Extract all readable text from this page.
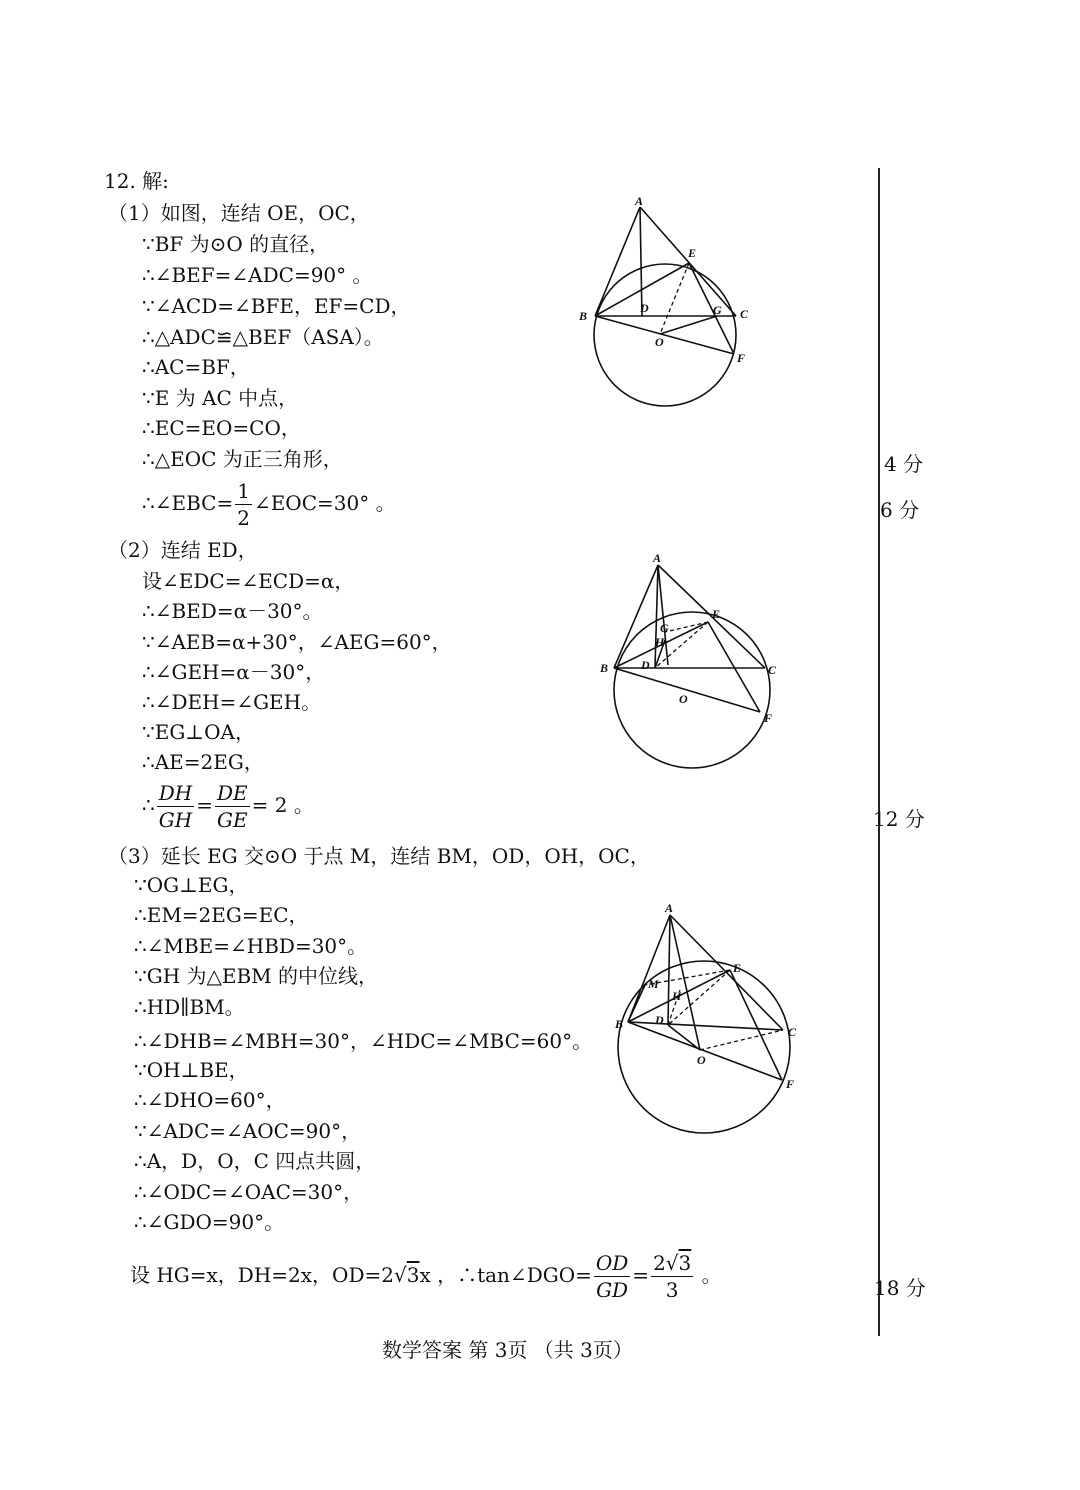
12. 解:
（1）如图，连结 OE，OC，
∵BF 为⊙O 的直径，
∴∠BEF=∠ADC=90° 。
∵∠ACD=∠BFE，EF=CD，
∴△ADC≌△BEF（ASA）。
∴AC=BF，
∵E 为 AC 中点，
∴EC=EO=CO，
∴△EOC 为正三角形，
∴∠EBC= $\frac{1}{2}$ ∠EOC=30° 。
（2）连结 ED，
设∠EDC=∠ECD=α，
∴∠BED=α－30°。
∵∠AEB=α+30°，∠AEG=60°，
∴∠GEH=α－30°，
∴∠DEH=∠GEH。
∵EG⊥OA，
∴AE=2EG，
∴ $\frac{DH}{GH} = \frac{DE}{GE} = 2$ 。
（3）延长 EG 交⊙O 于点 M，连结 BM，OD，OH，OC，
∵OG⊥EG，
∴EM=2EG=EC，
∴∠MBE=∠HBD=30°。
∵GH 为△EBM 的中位线，
∴HD∥BM。
∴∠DHB=∠MBH=30°，∠HDC=∠MBC=60°。
∵OH⊥BE，
∴∠DHO=60°，
∵∠ADC=∠AOC=90°，
∴A，D，O，C 四点共圆，
∴∠ODC=∠OAC=30°，
∴∠GDO=90°。
设 HG=x，DH=2x，OD=2√3x ，∴tan∠DGO= $\frac{OD}{GD} = \frac{2√3}{3}$ 。
4 分
6 分
12 分
18 分
A
E
B
D	G C
O
F
A
E
G
H
B	D	C
O
F
A
E
M
H
B	D
C
O
F
数学答案 第 3页 （共 3页）
